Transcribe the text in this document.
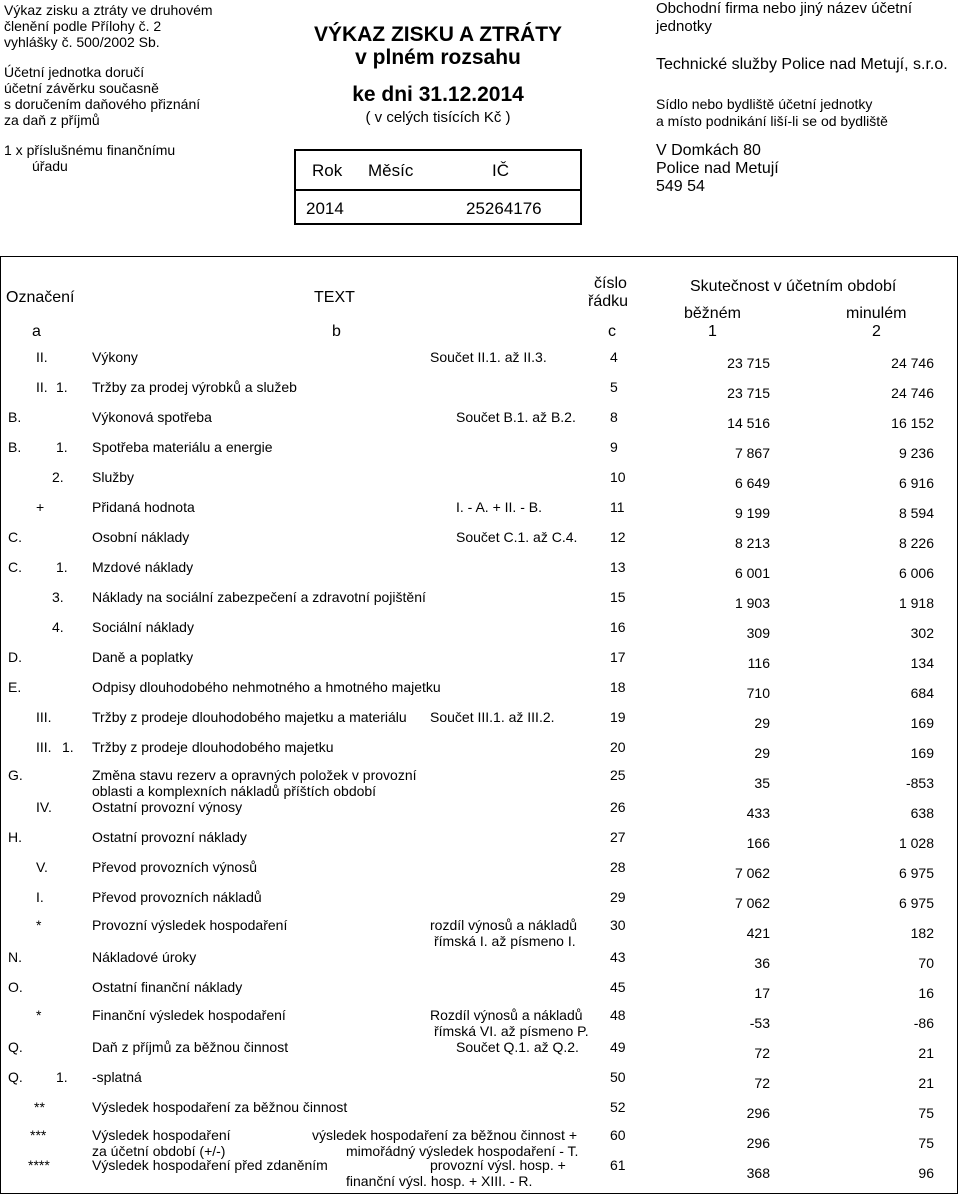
Výkaz zisku a ztráty ve druhovém
členění podle Přílohy č. 2
vyhlášky č. 500/2002 Sb.
Účetní jednotka doručí
účetní závěrku současně
s doručením daňového přiznání
za daň z příjmů
1 x příslušnému finančnímu
úřadu
VÝKAZ ZISKU A ZTRÁTY
v plném rozsahu
ke dni 31.12.2014
( v celých tisících Kč )
Rok Měsíc	IČ
2014	25264176
Obchodní firma nebo jiný název účetní jednotky
Technické služby Police nad Metují, s.r.o.
Sídlo nebo bydliště účetní jednotky
a místo podnikání liší-li se od bydliště
V Domkách 80
Police nad Metují
549 54
Označení	TEXT
číslo
řádku
Skutečnost v účetním období
běžném	minulém
a	b	c	1	2
II.	Výkony	Součet II.1. až II.3.	4	23 715	24 746
II. 1. Tržby za prodej výrobků a služeb	5	23 715	24 746
B.	Výkonová spotřeba	Součet B.1. až B.2. 8	14 516	16 152
B. 1. Spotřeba materiálu a energie	9	7 867	9 236
2. Služby	10	6 649	6 916
+	Přidaná hodnota	I. - A. + II. - B.	11	9 199	8 594
C.	Osobní náklady	Součet C.1. až C.4. 12	8 213	8 226
C. 1. Mzdové náklady	13	6 001	6 006
3. Náklady na sociální zabezpečení a zdravotní pojištění	15	1 903	1 918
4. Sociální náklady	16	309	302
D.	Daně a poplatky	17	116	134
E.	Odpisy dlouhodobého nehmotného a hmotného majetku	18	710	684
III.	Tržby z prodeje dlouhodobého majetku a materiálu Součet III.1. až III.2.	19	29	169
III. 1. Tržby z prodeje dlouhodobého majetku	20	29	169
G.	Změna stavu rezerv a opravných položek v provozní
oblasti a komplexních nákladů příštích období
25	35	-853
IV.	Ostatní provozní výnosy	26	433	638
H.	Ostatní provozní náklady	27	166	1 028
V.	Převod provozních výnosů	28	7 062	6 975
I.	Převod provozních nákladů	29	7 062	6 975
*	Provozní výsledek hospodaření	rozdíl výnosů a nákladů
římská I. až písmeno I.
30	421	182
N.	Nákladové úroky	43	36	70
O.	Ostatní finanční náklady	45	17	16
*	Finanční výsledek hospodaření	Rozdíl výnosů a nákladů
římská VI. až písmeno P.
48	-53	-86
Q.	Daň z příjmů za běžnou činnost	Součet Q.1. až Q.2. 49	72	21
Q. 1. -splatná	50	72	21
**	Výsledek hospodaření za běžnou činnost	52	296	75
***	Výsledek hospodaření
za účetní období (+/-)
výsledek hospodaření za běžnou činnost +
mimořádný výsledek hospodaření - T.
60	296	75
****	Výsledek hospodaření před zdaněním	provozní výsl. hosp. +
finanční výsl. hosp. + XIII. - R.
61	368	96
